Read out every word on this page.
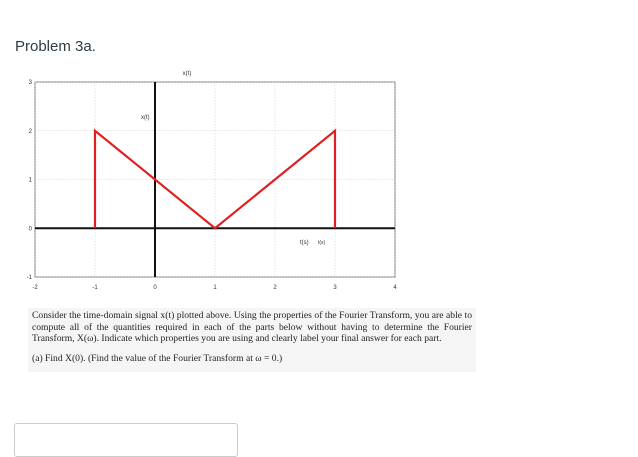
Problem 3a.
-2	-1	0	1	2	3	4
-1
0
1
2
3
x(t)
x(t)
t(s) t(s)

Consider the time-domain signal x(t) plotted above. Using the properties of the Fourier Transform, you are able to compute all of the quantities required in each of the parts below without having to determine the Fourier Transform, X(ω). Indicate which properties you are using and clearly label your final answer for each part.

(a) Find X(0). (Find the value of the Fourier Transform at ω = 0.)
